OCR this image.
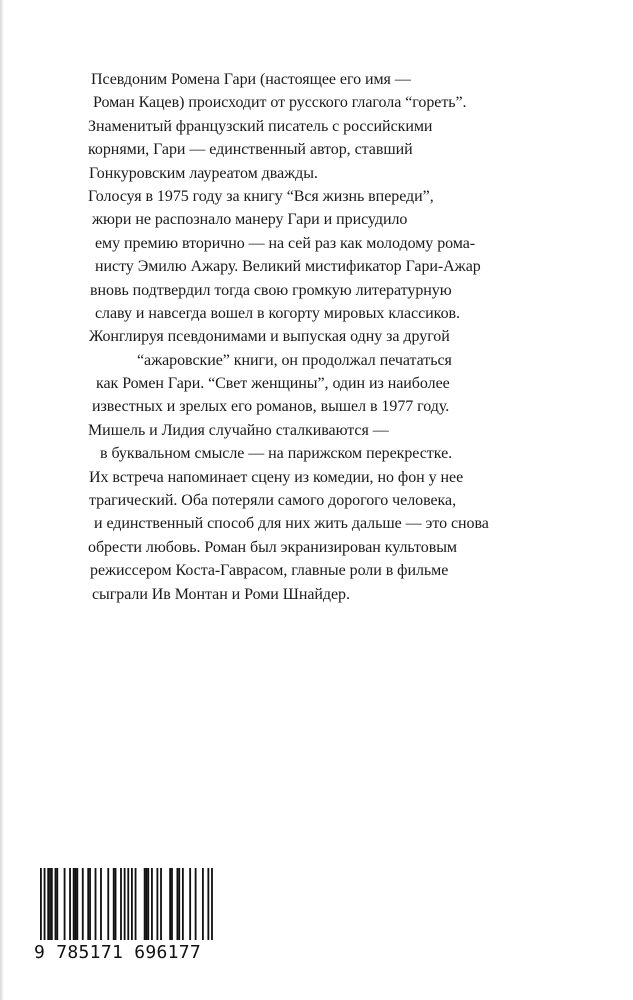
Псевдоним Ромена Гари (настоящее его имя —
Роман Кацев) происходит от русского глагола “гореть”.
Знаменитый французский писатель с российскими
корнями, Гари — единственный автор, ставший
Гонкуровским лауреатом дважды.
Голосуя в 1975 году за книгу “Вся жизнь впереди”,
жюри не распознало манеру Гари и присудило
ему премию вторично — на сей раз как молодому рома-
нисту Эмилю Ажару. Великий мистификатор Гари-Ажар
вновь подтвердил тогда свою громкую литературную
славу и навсегда вошел в когорту мировых классиков.
Жонглируя псевдонимами и выпуская одну за другой
“ажаровские” книги, он продолжал печататься
как Ромен Гари. “Свет женщины”, один из наиболее
известных и зрелых его романов, вышел в 1977 году.
Мишель и Лидия случайно сталкиваются —
в буквальном смысле — на парижском перекрестке.
Их встреча напоминает сцену из комедии, но фон у нее
трагический. Оба потеряли самого дорогого человека,
и единственный способ для них жить дальше — это снова
обрести любовь. Роман был экранизирован культовым
режиссером Коста-Гаврасом, главные роли в фильме
сыграли Ив Монтан и Роми Шнайдер.
9 785171 696177
